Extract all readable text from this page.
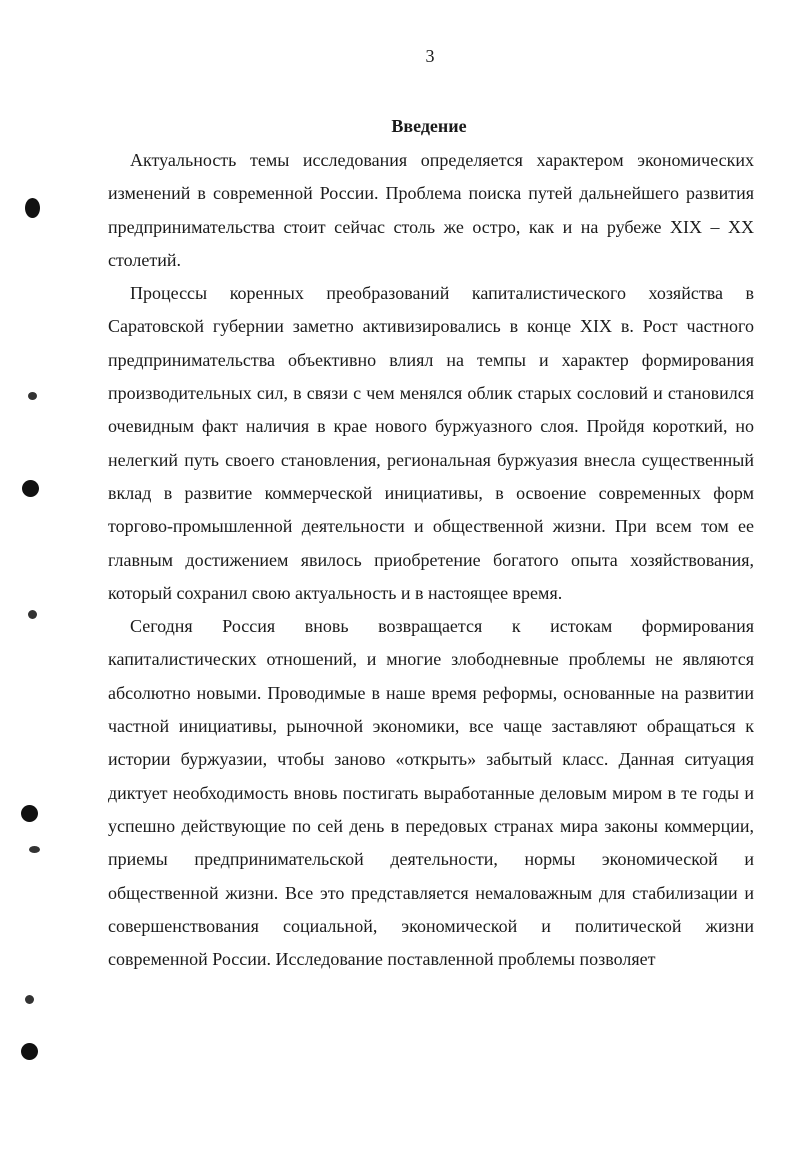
3
Введение

Актуальность темы исследования определяется характером экономических изменений в современной России. Проблема поиска путей дальнейшего развития предпринимательства стоит сейчас столь же остро, как и на рубеже XIX – XX столетий.

Процессы коренных преобразований капиталистического хозяйства в Саратовской губернии заметно активизировались в конце XIX в. Рост частного предпринимательства объективно влиял на темпы и характер формирования производительных сил, в связи с чем менялся облик старых сословий и становился очевидным факт наличия в крае нового буржуазного слоя. Пройдя короткий, но нелегкий путь своего становления, региональная буржуазия внесла существенный вклад в развитие коммерческой инициативы, в освоение современных форм торгово-промышленной деятельности и общественной жизни. При всем том ее главным достижением явилось приобретение богатого опыта хозяйствования, который сохранил свою актуальность и в настоящее время.

Сегодня Россия вновь возвращается к истокам формирования капиталистических отношений, и многие злободневные проблемы не являются абсолютно новыми. Проводимые в наше время реформы, основанные на развитии частной инициативы, рыночной экономики, все чаще заставляют обращаться к истории буржуазии, чтобы заново «открыть» забытый класс. Данная ситуация диктует необходимость вновь постигать выработанные деловым миром в те годы и успешно действующие по сей день в передовых странах мира законы коммерции, приемы предпринимательской деятельности, нормы экономической и общественной жизни. Все это представляется немаловажным для стабилизации и совершенствования социальной, экономической и политической жизни современной России. Исследование поставленной проблемы позволяет
